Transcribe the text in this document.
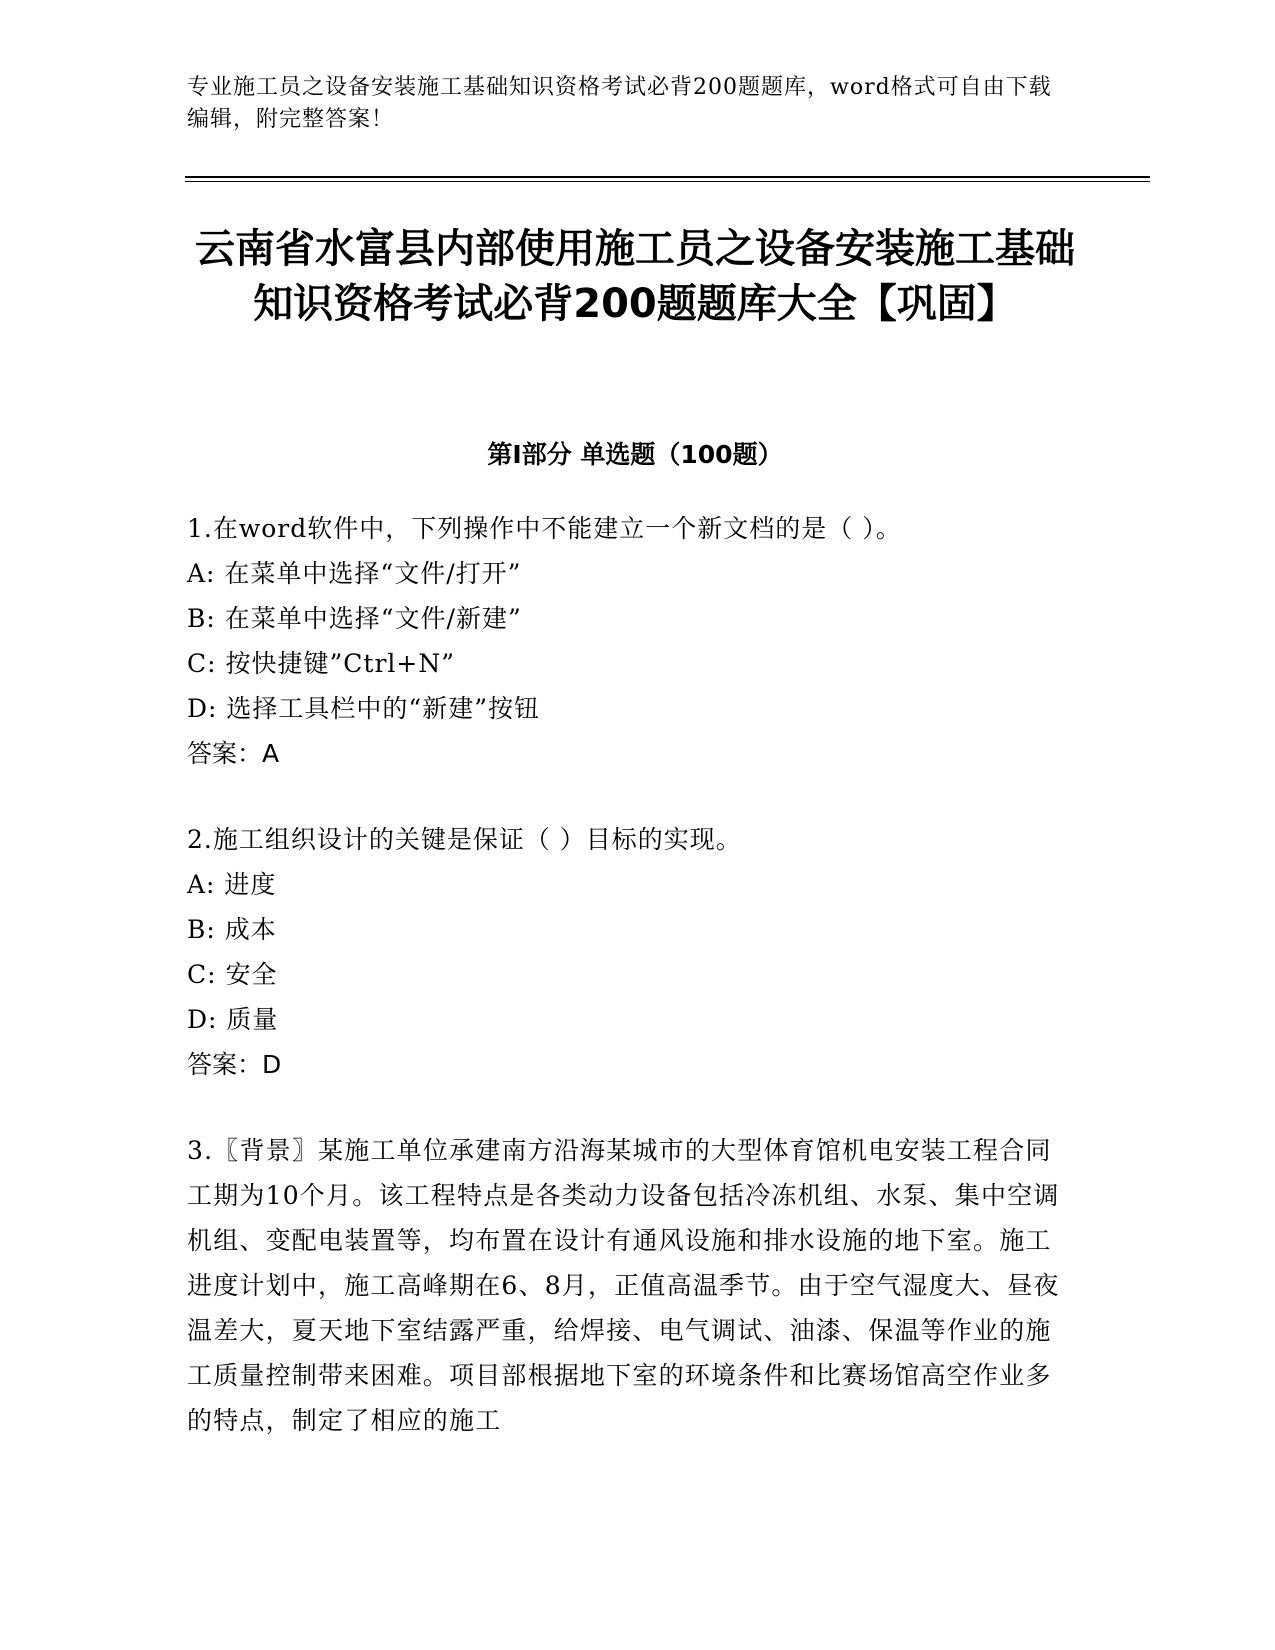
专业施工员之设备安装施工基础知识资格考试必背200题题库，word格式可自由下载编辑，附完整答案！

云南省水富县内部使用施工员之设备安装施工基础知识资格考试必背200题题库大全【巩固】
第I部分 单选题（100题）

1.在word软件中，下列操作中不能建立一个新文档的是（ ）。

A: 在菜单中选择“文件/打开”

B: 在菜单中选择“文件/新建”

C: 按快捷键”Ctrl+N”

D: 选择工具栏中的“新建”按钮

答案：A

2.施工组织设计的关键是保证（ ）目标的实现。

A: 进度

B: 成本

C: 安全

D: 质量

答案：D

3.〖背景〗某施工单位承建南方沿海某城市的大型体育馆机电安装工程合同工期为10个月。该工程特点是各类动力设备包括冷冻机组、水泵、集中空调机组、变配电装置等，均布置在设计有通风设施和排水设施的地下室。施工进度计划中，施工高峰期在6、8月，正值高温季节。由于空气湿度大、昼夜温差大，夏天地下室结露严重，给焊接、电气调试、油漆、保温等作业的施工质量控制带来困难。项目部根据地下室的环境条件和比赛场馆高空作业多的特点，制定了相应的施工
